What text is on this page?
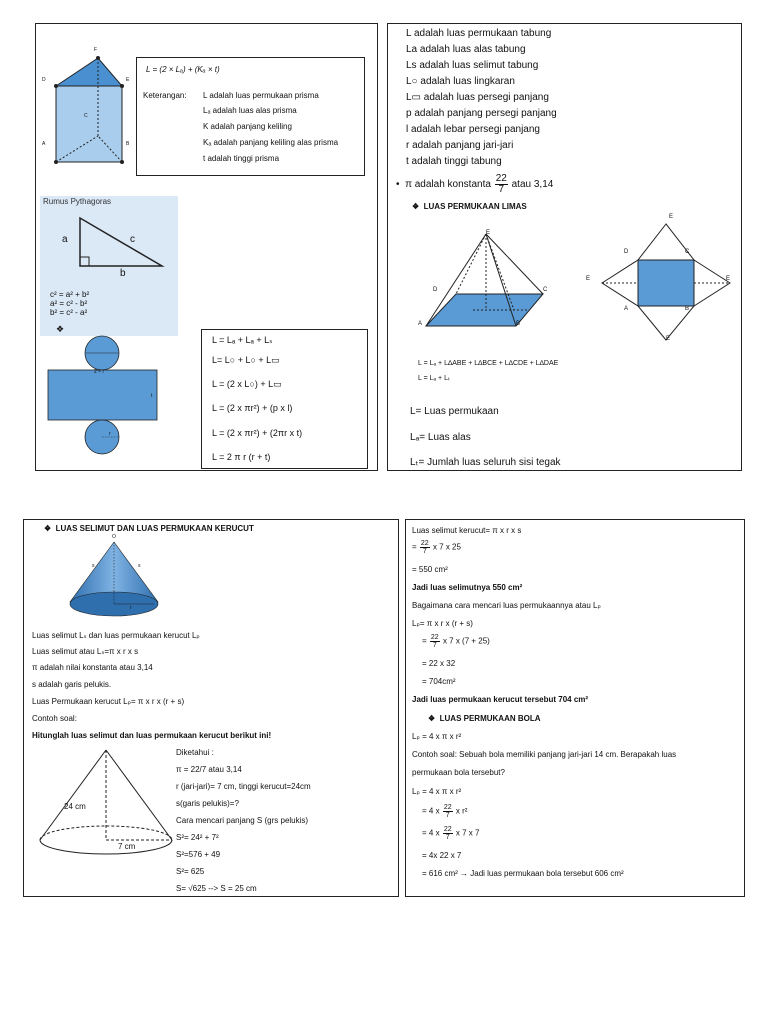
F
D	E
C
A	B
L = (2 × Lₐ) + (Kₐ × t)
Keterangan: L adalah luas permukaan prisma
Lₐ adalah luas alas prisma
K adalah panjang keliling
Kₐ adalah panjang keliling alas prisma
t adalah tinggi prisma
Rumus Pythagoras
a	c
b
c² = a² + b²
a² = c² - b²
b² = c² - a²
❖
2 × r
t
r
L = Lₐ + Lₐ + Lₛ
L= L○ + L○ + L▭
L = (2 x L○) + L▭
L = (2 x πr²) + (p x l)
L = (2 x πr²) + (2πr x t)
L = 2 π r (r + t)
L adalah luas permukaan tabung
La adalah luas alas tabung
Ls adalah luas selimut tabung
L○ adalah luas lingkaran
L▭ adalah luas persegi panjang
p adalah panjang persegi panjang
l adalah lebar persegi panjang
r adalah panjang jari-jari
t adalah tinggi tabung
•  π adalah konstanta $\frac{22}{7}$ atau 3,14
❖  LUAS PERMUKAAN LIMAS
E
D	C
A	B
E
D	C
E	E
A	B
E
L = Lₐ + L∆ABE + L∆BCE + L∆CDE + L∆DAE
L = Lₐ + Lₜ
L= Luas permukaan
Lₐ= Luas alas
Lₜ= Jumlah luas seluruh sisi tegak
❖  LUAS SELIMUT DAN LUAS PERMUKAAN KERUCUT
O
s	s
r
Luas selimut Lₛ dan luas permukaan kerucut Lₚ
Luas selimut atau Lₛ=π x r x s
π adalah nilai konstanta atau 3,14
s adalah garis pelukis.
Luas Permukaan kerucut Lₚ= π x r x (r + s)
Contoh soal:
Hitunglah luas selimut dan luas permukaan kerucut berikut ini!
24 cm
7 cm
Diketahui :
π = 22/7 atau 3,14
r (jari-jari)= 7 cm, tinggi kerucut=24cm
s(garis pelukis)=?
Cara mencari panjang S (grs pelukis)
S²= 24² + 7²
S²=576 + 49
S²= 625
S= √625 --> S = 25 cm
Luas selimut kerucut= π x r x s
= $\frac{22}{7}$ x 7 x 25
= 550 cm²
Jadi luas selimutnya 550 cm²
Bagaimana cara mencari luas permukaannya atau Lₚ
Lₚ= π x r x (r + s)
= $\frac{22}{7}$ x 7 x (7 + 25)
= 22 x 32
= 704cm²
Jadi luas permukaan kerucut tersebut 704 cm²
❖ LUAS PERMUKAAN BOLA
Lₚ = 4 x π x r²
Contoh soal: Sebuah bola memiliki panjang jari-jari 14 cm. Berapakah luas
permukaan bola tersebut?
Lₚ = 4 x π x r²
= 4 x $\frac{22}{7}$ x r²
= 4 x $\frac{22}{7}$ x 7 x 7
= 4x 22 x 7
= 616 cm² → Jadi luas permukaan bola tersebut 606 cm²
